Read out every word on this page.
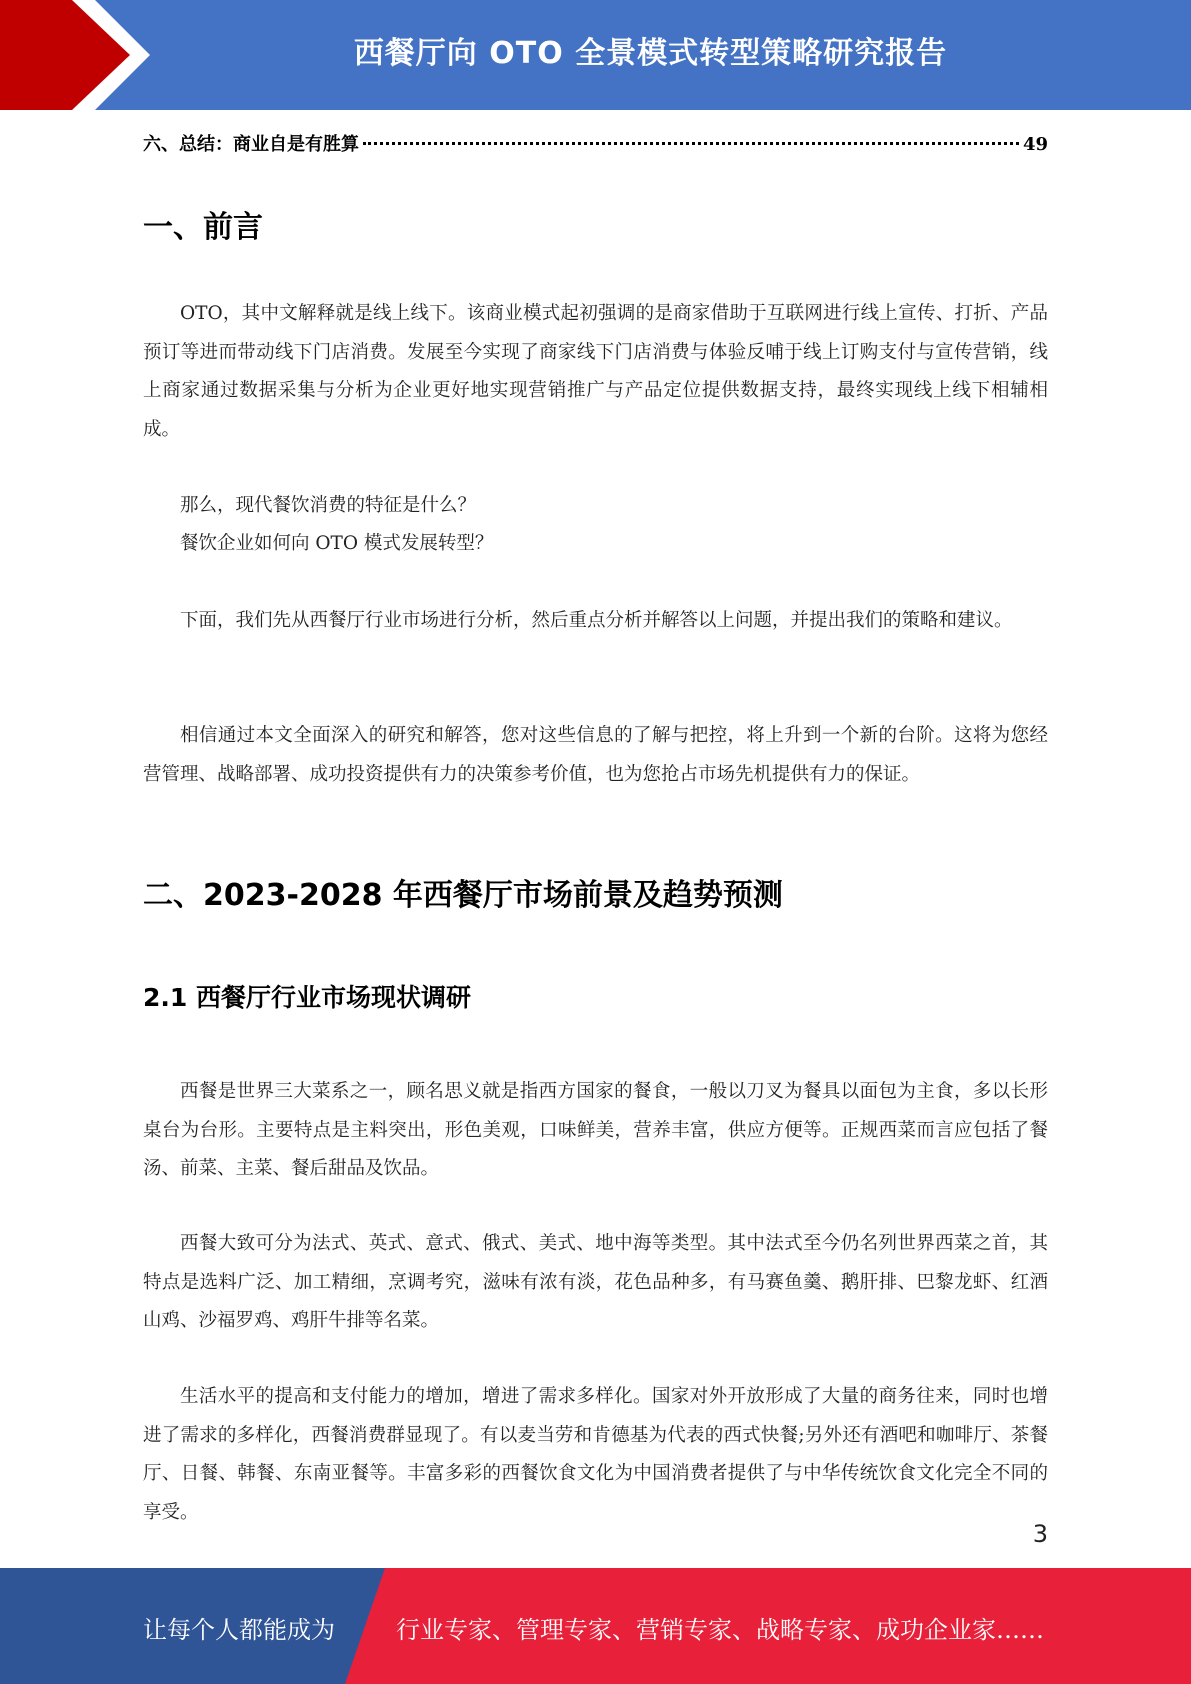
西餐厅向 OTO 全景模式转型策略研究报告
六、总结：商业自是有胜算	49
一、前言

OTO，其中文解释就是线上线下。该商业模式起初强调的是商家借助于互联网进行线上宣传、打折、产品预订等进而带动线下门店消费。发展至今实现了商家线下门店消费与体验反哺于线上订购支付与宣传营销，线上商家通过数据采集与分析为企业更好地实现营销推广与产品定位提供数据支持，最终实现线上线下相辅相成。

那么，现代餐饮消费的特征是什么？

餐饮企业如何向 OTO 模式发展转型？

下面，我们先从西餐厅行业市场进行分析，然后重点分析并解答以上问题，并提出我们的策略和建议。

相信通过本文全面深入的研究和解答，您对这些信息的了解与把控，将上升到一个新的台阶。这将为您经营管理、战略部署、成功投资提供有力的决策参考价值，也为您抢占市场先机提供有力的保证。

二、2023-2028 年西餐厅市场前景及趋势预测
2.1 西餐厅行业市场现状调研

西餐是世界三大菜系之一，顾名思义就是指西方国家的餐食，一般以刀叉为餐具以面包为主食，多以长形桌台为台形。主要特点是主料突出，形色美观，口味鲜美，营养丰富，供应方便等。正规西菜而言应包括了餐汤、前菜、主菜、餐后甜品及饮品。

西餐大致可分为法式、英式、意式、俄式、美式、地中海等类型。其中法式至今仍名列世界西菜之首，其特点是选料广泛、加工精细，烹调考究，滋味有浓有淡，花色品种多，有马赛鱼羹、鹅肝排、巴黎龙虾、红酒山鸡、沙福罗鸡、鸡肝牛排等名菜。

生活水平的提高和支付能力的增加，增进了需求多样化。国家对外开放形成了大量的商务往来，同时也增进了需求的多样化，西餐消费群显现了。有以麦当劳和肯德基为代表的西式快餐;另外还有酒吧和咖啡厅、茶餐厅、日餐、韩餐、东南亚餐等。丰富多彩的西餐饮食文化为中国消费者提供了与中华传统饮食文化完全不同的享受。

3
让每个人都能成为	行业专家、管理专家、营销专家、战略专家、成功企业家……
